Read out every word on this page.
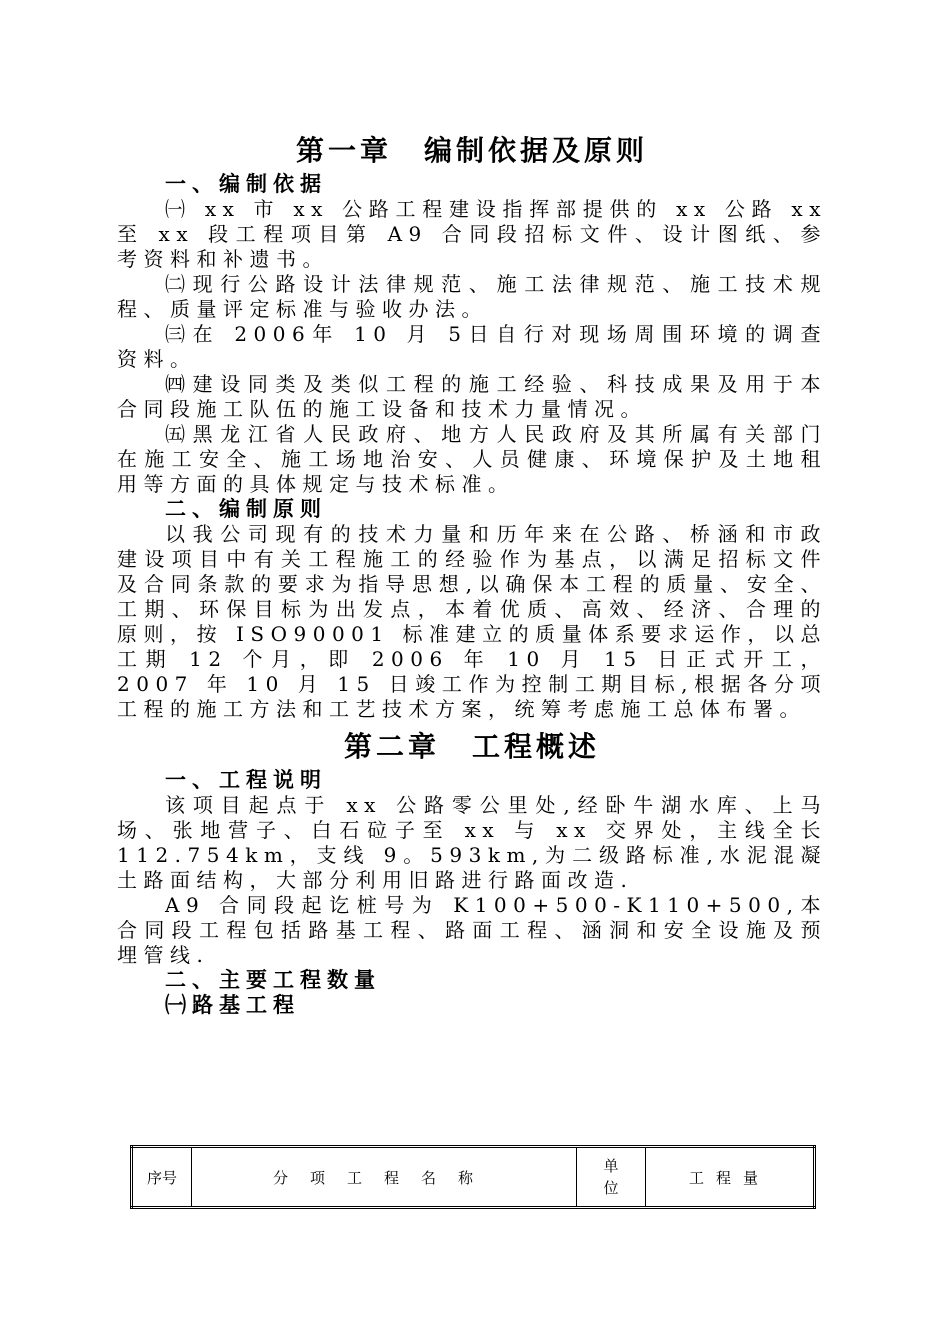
第一章　编制依据及原则
一、编制依据

㈠ xx 市 xx 公路工程建设指挥部提供的 xx 公路 xx 至 xx 段工程项目第 A9 合同段招标文件、设计图纸、参考资料和补遗书。

㈡现行公路设计法律规范、施工法律规范、施工技术规程、质量评定标准与验收办法。

㈢在 2006年 10 月 5日自行对现场周围环境的调查资料。

㈣建设同类及类似工程的施工经验、科技成果及用于本合同段施工队伍的施工设备和技术力量情况。

㈤黑龙江省人民政府、地方人民政府及其所属有关部门在施工安全、施工场地治安、人员健康、环境保护及土地租用等方面的具体规定与技术标准。

二、编制原则

以我公司现有的技术力量和历年来在公路、桥涵和市政建设项目中有关工程施工的经验作为基点，以满足招标文件及合同条款的要求为指导思想,以确保本工程的质量、安全、工期、环保目标为出发点，本着优质、高效、经济、合理的原则，按 ISO90001 标准建立的质量体系要求运作，以总工期 12 个月，即 2006 年 10 月 15 日正式开工，2007 年 10 月 15 日竣工作为控制工期目标,根据各分项工程的施工方法和工艺技术方案，统筹考虑施工总体布署。

第二章　工程概述
一、工程说明

该项目起点于 xx 公路零公里处,经卧牛湖水库、上马场、张地营子、白石砬子至 xx 与 xx 交界处，主线全长 112.754km，支线 9。593km,为二级路标准,水泥混凝土路面结构，大部分利用旧路进行路面改造.

A9 合同段起讫桩号为 K100+500-K110+500,本合同段工程包括路基工程、路面工程、涵洞和安全设施及预埋管线.

二、主要工程数量
㈠路基工程
序号	分项工程名称	单位	工程量
